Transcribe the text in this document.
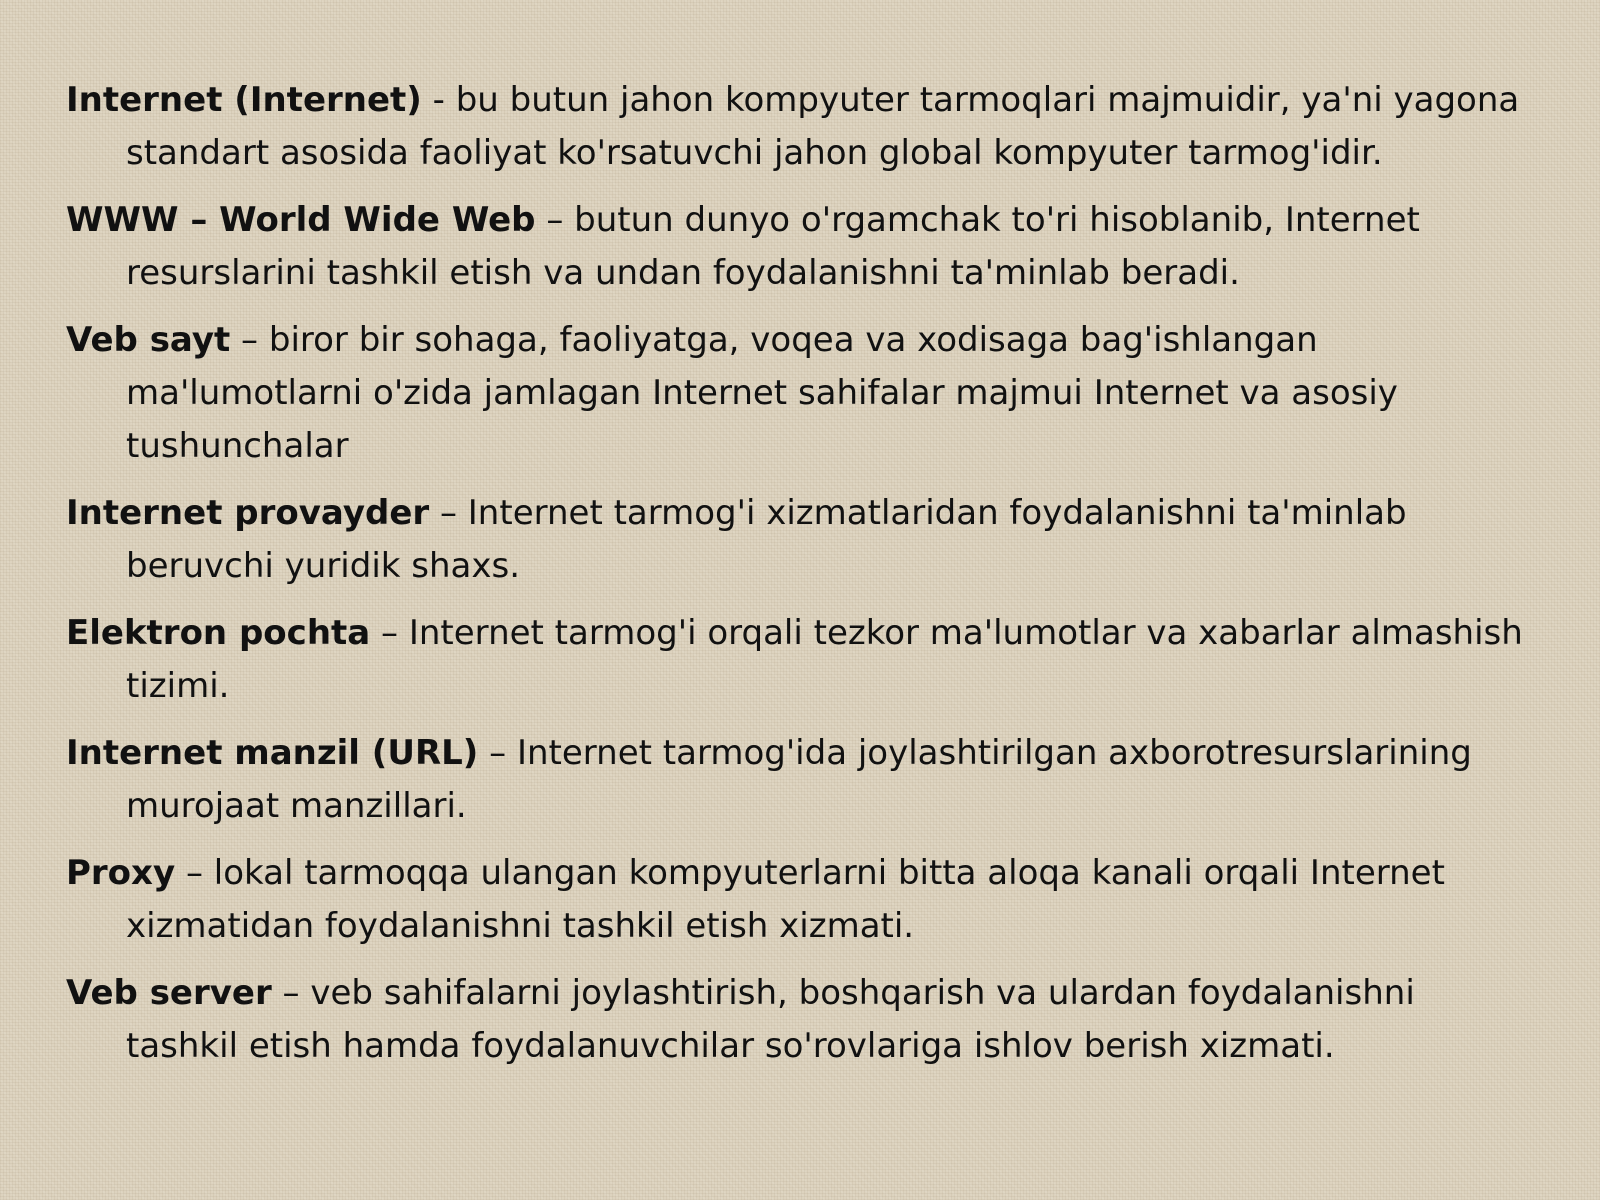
Internet (Internet) - bu butun jahon kompyuter tarmoqlari majmuidir, ya'ni yagona standart asosida faoliyat ko'rsatuvchi jahon global kompyuter tarmog'idir.

WWW – World Wide Web – butun dunyo o'rgamchak to'ri hisoblanib, Internet resurslarini tashkil etish va undan foydalanishni ta'minlab beradi.

Veb sayt – biror bir sohaga, faoliyatga, voqea va xodisaga bag'ishlangan ma'lumotlarni o'zida jamlagan Internet sahifalar majmui Internet va asosiy tushunchalar

Internet provayder – Internet tarmog'i xizmatlaridan foydalanishni ta'minlab beruvchi yuridik shaxs.

Elektron pochta – Internet tarmog'i orqali tezkor ma'lumotlar va xabarlar almashish tizimi.

Internet manzil (URL) – Internet tarmog'ida joylashtirilgan axborotresurslarining murojaat manzillari.

Proxy – lokal tarmoqqa ulangan kompyuterlarni bitta aloqa kanali orqali Internet xizmatidan foydalanishni tashkil etish xizmati.

Veb server – veb sahifalarni joylashtirish, boshqarish va ulardan foydalanishni tashkil etish hamda foydalanuvchilar so'rovlariga ishlov berish xizmati.
